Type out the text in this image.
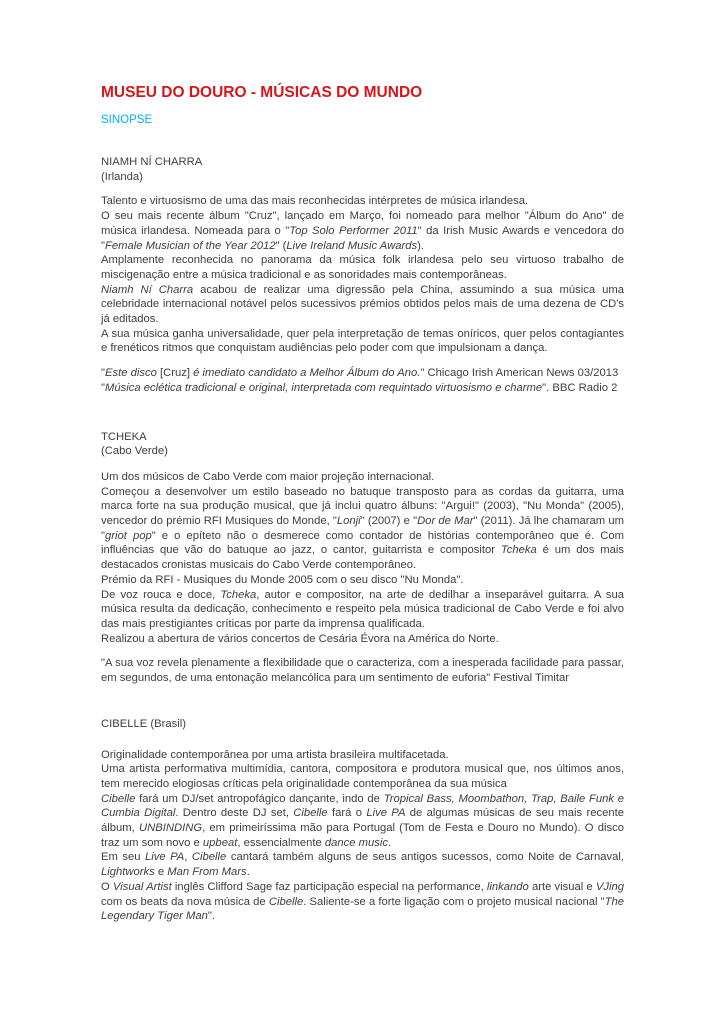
MUSEU DO DOURO - MÚSICAS DO MUNDO
SINOPSE
NIAMH NÍ CHARRA
(Irlanda)

Talento e virtuosismo de uma das mais reconhecidas intérpretes de música irlandesa.

O seu mais recente álbum "Cruz", lançado em Março, foi nomeado para melhor "Álbum do Ano" de música irlandesa. Nomeada para o "Top Solo Performer 2011" da Irish Music Awards e vencedora do "Female Musician of the Year 2012" (Live Ireland Music Awards).

Amplamente reconhecida no panorama da música folk irlandesa pelo seu virtuoso trabalho de miscigenação entre a música tradicional e as sonoridades mais contemporâneas.

Niamh Ní Charra acabou de realizar uma digressão pela China, assumindo a sua música uma celebridade internacional notável pelos sucessivos prémios obtidos pelos mais de uma dezena de CD's já editados.

A sua música ganha universalidade, quer pela interpretação de temas oníricos, quer pelos contagiantes e frenéticos ritmos que conquistam audiências pelo poder com que impulsionam a dança.

"Este disco [Cruz] é imediato candidato a Melhor Álbum do Ano." Chicago Irish American News 03/2013

"Música eclética tradicional e original, interpretada com requintado virtuosismo e charme". BBC Radio 2

TCHEKA
(Cabo Verde)

Um dos músicos de Cabo Verde com maior projeção internacional.

Começou a desenvolver um estilo baseado no batuque transposto para as cordas da guitarra, uma marca forte na sua produção musical, que já inclui quatro álbuns: "Argui!" (2003), "Nu Monda" (2005), vencedor do prémio RFI Musiques do Monde, "Lonji" (2007) e "Dor de Mar" (2011). Já lhe chamaram um "griot pop" e o epíteto não o desmerece como contador de histórias contemporâneo que é. Com influências que vão do batuque ao jazz, o cantor, guitarrista e compositor Tcheka é um dos mais destacados cronistas musicais do Cabo Verde contemporâneo.

Prémio da RFI - Musiques du Monde 2005 com o seu disco "Nu Monda".

De voz rouca e doce, Tcheka, autor e compositor, na arte de dedilhar a inseparável guitarra. A sua música resulta da dedicação, conhecimento e respeito pela música tradicional de Cabo Verde e foi alvo das mais prestigiantes críticas por parte da imprensa qualificada.

Realizou a abertura de vários concertos de Cesária Évora na América do Norte.

"A sua voz revela plenamente a flexibilidade que o caracteriza, com a inesperada facilidade para passar, em segundos, de uma entonação melancólica para um sentimento de euforia" Festival Timitar

CIBELLE (Brasil)

Originalidade contemporânea por uma artista brasileira multifacetada.

Uma artista performativa multimídia, cantora, compositora e produtora musical que, nos últimos anos, tem merecido elogiosas críticas pela originalidade contemporânea da sua música

Cibelle fará um DJ/set antropofágico dançante, indo de Tropical Bass, Moombathon, Trap, Baile Funk e Cumbia Digital. Dentro deste DJ set, Cibelle fará o Live PA de algumas músicas de seu mais recente álbum, UNBINDING, em primeiríssima mão para Portugal (Tom de Festa e Douro no Mundo). O disco traz um som novo e upbeat, essencialmente dance music.

Em seu Live PA, Cibelle cantará também alguns de seus antigos sucessos, como Noite de Carnaval, Lightworks e Man From Mars.

O Visual Artist inglês Clifford Sage faz participação especial na performance, linkando arte visual e VJing com os beats da nova música de Cibelle. Saliente-se a forte ligação com o projeto musical nacional "The Legendary Tiger Man".
